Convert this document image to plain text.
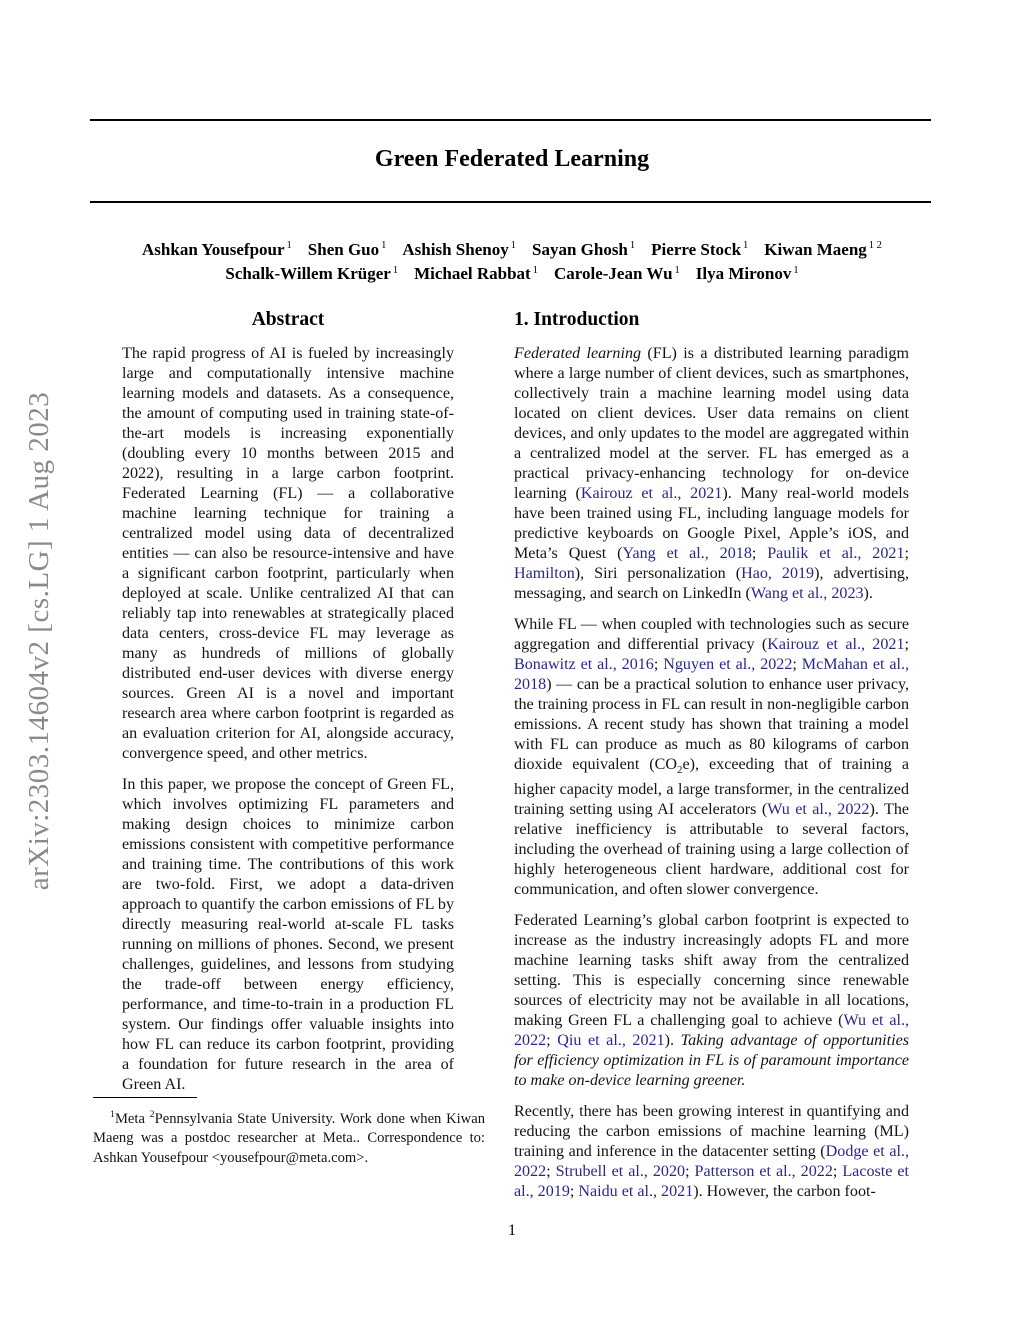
arXiv:2303.14604v2 [cs.LG] 1 Aug 2023
Green Federated Learning
Ashkan Yousefpour $^1$ Shen Guo $^1$ Ashish Shenoy $^1$ Sayan Ghosh $^1$ Pierre Stock $^1$ Kiwan Maeng $^{1 2}$
Schalk-Willem Krüger $^1$ Michael Rabbat $^1$ Carole-Jean Wu $^1$ Ilya Mironov $^1$
Abstract

The rapid progress of AI is fueled by increasingly large and computationally intensive machine learning models and datasets. As a consequence, the amount of computing used in training state-of-the-art models is increasing exponentially (doubling every 10 months between 2015 and 2022), resulting in a large carbon footprint. Federated Learning (FL) — a collaborative machine learning technique for training a centralized model using data of decentralized entities — can also be resource-intensive and have a significant carbon footprint, particularly when deployed at scale. Unlike centralized AI that can reliably tap into renewables at strategically placed data centers, cross-device FL may leverage as many as hundreds of millions of globally distributed end-user devices with diverse energy sources. Green AI is a novel and important research area where carbon footprint is regarded as an evaluation criterion for AI, alongside accuracy, convergence speed, and other metrics.

In this paper, we propose the concept of Green FL, which involves optimizing FL parameters and making design choices to minimize carbon emissions consistent with competitive performance and training time. The contributions of this work are two-fold. First, we adopt a data-driven approach to quantify the carbon emissions of FL by directly measuring real-world at-scale FL tasks running on millions of phones. Second, we present challenges, guidelines, and lessons from studying the trade-off between energy efficiency, performance, and time-to-train in a production FL system. Our findings offer valuable insights into how FL can reduce its carbon footprint, providing a foundation for future research in the area of Green AI.

$^1$Meta $^2$Pennsylvania State University. Work done when Kiwan Maeng was a postdoc researcher at Meta.. Correspondence to: Ashkan Yousefpour <yousefpour@meta.com>.
1. Introduction

Federated learning (FL) is a distributed learning paradigm where a large number of client devices, such as smartphones, collectively train a machine learning model using data located on client devices. User data remains on client devices, and only updates to the model are aggregated within a centralized model at the server. FL has emerged as a practical privacy-enhancing technology for on-device learning (Kairouz et al., 2021). Many real-world models have been trained using FL, including language models for predictive keyboards on Google Pixel, Apple’s iOS, and Meta’s Quest (Yang et al., 2018; Paulik et al., 2021; Hamilton), Siri personalization (Hao, 2019), advertising, messaging, and search on LinkedIn (Wang et al., 2023).

While FL — when coupled with technologies such as secure aggregation and differential privacy (Kairouz et al., 2021; Bonawitz et al., 2016; Nguyen et al., 2022; McMahan et al., 2018) — can be a practical solution to enhance user privacy, the training process in FL can result in non-negligible carbon emissions. A recent study has shown that training a model with FL can produce as much as 80 kilograms of carbon dioxide equivalent $(CO_2e)$, exceeding that of training a higher capacity model, a large transformer, in the centralized training setting using AI accelerators (Wu et al., 2022). The relative inefficiency is attributable to several factors, including the overhead of training using a large collection of highly heterogeneous client hardware, additional cost for communication, and often slower convergence.

Federated Learning’s global carbon footprint is expected to increase as the industry increasingly adopts FL and more machine learning tasks shift away from the centralized setting. This is especially concerning since renewable sources of electricity may not be available in all locations, making Green FL a challenging goal to achieve (Wu et al., 2022; Qiu et al., 2021). Taking advantage of opportunities for efficiency optimization in FL is of paramount importance to make on-device learning greener.

Recently, there has been growing interest in quantifying and reducing the carbon emissions of machine learning (ML) training and inference in the datacenter setting (Dodge et al., 2022; Strubell et al., 2020; Patterson et al., 2022; Lacoste et al., 2019; Naidu et al., 2021). However, the carbon foot-

1
